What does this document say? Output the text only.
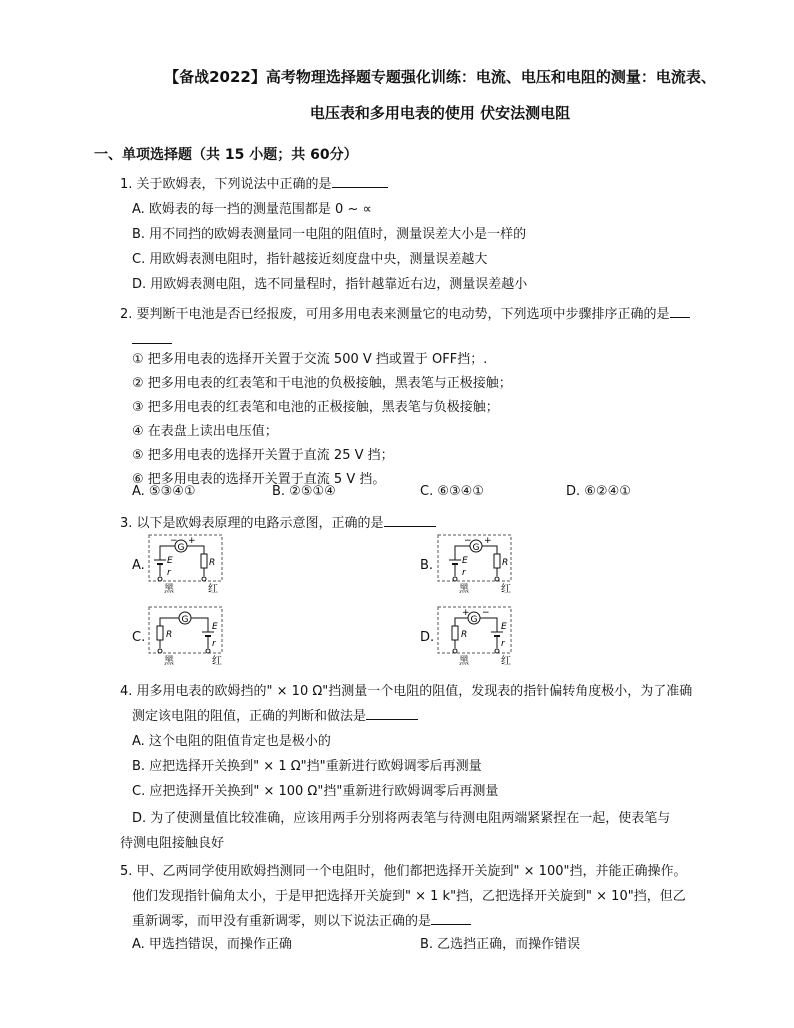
【备战2022】高考物理选择题专题强化训练：电流、电压和电阻的测量：电流表、
电压表和多用电表的使用 伏安法测电阻
一、单项选择题（共 15 小题；共 60分）
1. 关于欧姆表，下列说法中正确的是
A. 欧姆表的每一挡的测量范围都是 0 ~ ∝
B. 用不同挡的欧姆表测量同一电阻的阻值时，测量误差大小是一样的
C. 用欧姆表测电阻时，指针越接近刻度盘中央，测量误差越大
D. 用欧姆表测电阻，选不同量程时，指针越靠近右边，测量误差越小
2. 要判断干电池是否已经报废，可用多用电表来测量它的电动势，下列选项中步骤排序正确的是
① 把多用电表的选择开关置于交流 500 V 挡或置于 OFF挡；.
② 把多用电表的红表笔和干电池的负极接触，黑表笔与正极接触；
③ 把多用电表的红表笔和电池的正极接触，黑表笔与负极接触；
④ 在表盘上读出电压值；
⑤ 把多用电表的选择开关置于直流 25 V 挡；
⑥ 把多用电表的选择开关置于直流 5 V 挡。
A. ⑤③④①	B. ②⑤①④	C. ⑥③④①	D. ⑥②④①
3. 以下是欧姆表原理的电路示意图，正确的是
A.	B.
C.	D.
G
− +
E
r
R
黑	红
G
− +
E
r
R
黑	红
G
R
E
r
黑	红
G
+ −
R
E
r
黑	红
4. 用多用电表的欧姆挡的" × 10 Ω"挡测量一个电阻的阻值，发现表的指针偏转角度极小，为了准确
测定该电阻的阻值，正确的判断和做法是
A. 这个电阻的阻值肯定也是极小的
B. 应把选择开关换到" × 1 Ω"挡"重新进行欧姆调零后再测量
C. 应把选择开关换到" × 100 Ω"挡"重新进行欧姆调零后再测量
D. 为了使测量值比较准确，应该用两手分别将两表笔与待测电阻两端紧紧捏在一起，使表笔与
待测电阻接触良好
5. 甲、乙两同学使用欧姆挡测同一个电阻时，他们都把选择开关旋到" × 100"挡，并能正确操作。
他们发现指针偏角太小，于是甲把选择开关旋到" × 1 k"挡，乙把选择开关旋到" × 10"挡，但乙
重新调零，而甲没有重新调零，则以下说法正确的是
A. 甲选挡错误，而操作正确	B. 乙选挡正确，而操作错误
